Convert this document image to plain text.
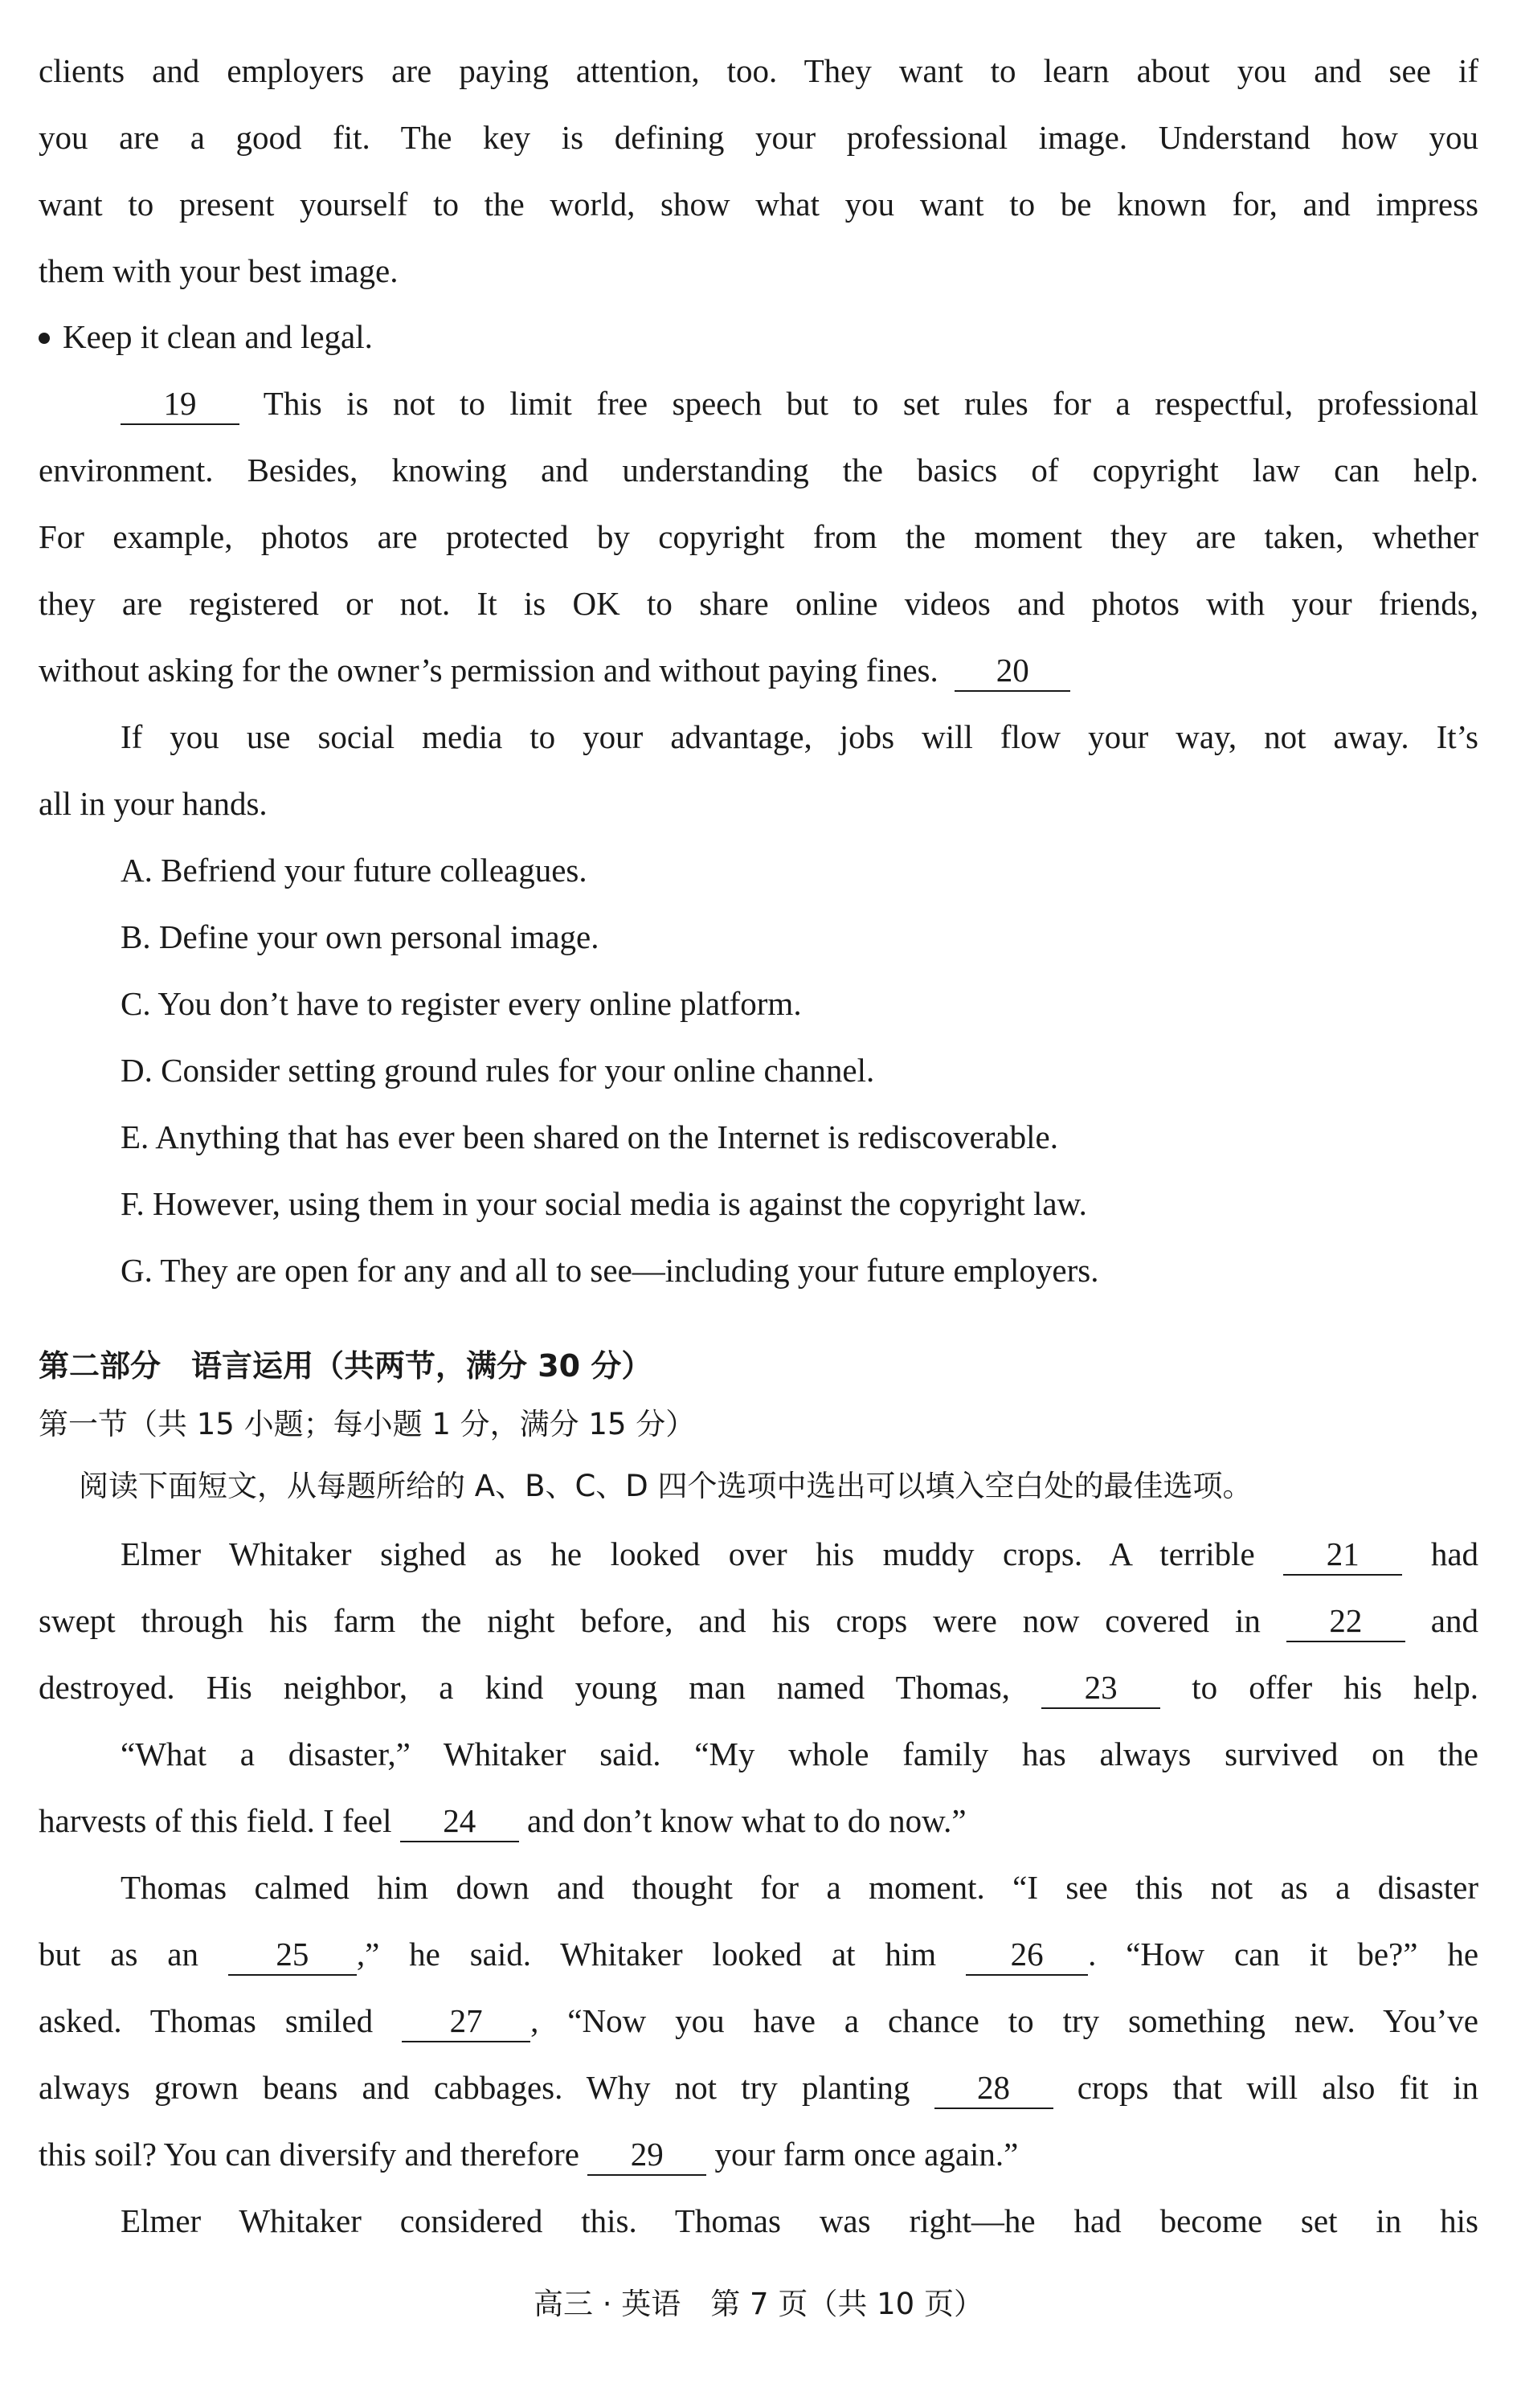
clients and employers are paying attention, too. They want to learn about you and see if
you are a good fit. The key is defining your professional image. Understand how you
want to present yourself to the world, show what you want to be known for, and impress
them with your best image.
Keep it clean and legal.
19 This is not to limit free speech but to set rules for a respectful, professional
environment. Besides, knowing and understanding the basics of copyright law can help.
For example, photos are protected by copyright from the moment they are taken, whether
they are registered or not. It is OK to share online videos and photos with your friends,
without asking for the owner’s permission and without paying fines. 20
If you use social media to your advantage, jobs will flow your way, not away. It’s
all in your hands.
A. Befriend your future colleagues.
B. Define your own personal image.
C. You don’t have to register every online platform.
D. Consider setting ground rules for your online channel.
E. Anything that has ever been shared on the Internet is rediscoverable.
F. However, using them in your social media is against the copyright law.
G. They are open for any and all to see—including your future employers.
第二部分　语言运用（共两节，满分 30 分）
第一节（共 15 小题；每小题 1 分，满分 15 分）
阅读下面短文，从每题所给的 A、B、C、D 四个选项中选出可以填入空白处的最佳选项。
Elmer Whitaker sighed as he looked over his muddy crops. A terrible 21 had
swept through his farm the night before, and his crops were now covered in 22 and
destroyed. His neighbor, a kind young man named Thomas, 23 to offer his help.
“What a disaster,” Whitaker said. “My whole family has always survived on the
harvests of this field. I feel 24 and don’t know what to do now.”
Thomas calmed him down and thought for a moment. “I see this not as a disaster
but as an 25 ,” he said. Whitaker looked at him 26 . “How can it be?” he
asked. Thomas smiled 27 , “Now you have a chance to try something new. You’ve
always grown beans and cabbages. Why not try planting 28 crops that will also fit in
this soil? You can diversify and therefore 29 your farm once again.”
Elmer Whitaker considered this. Thomas was right—he had become set in his
高三 · 英语　第 7 页（共 10 页）
